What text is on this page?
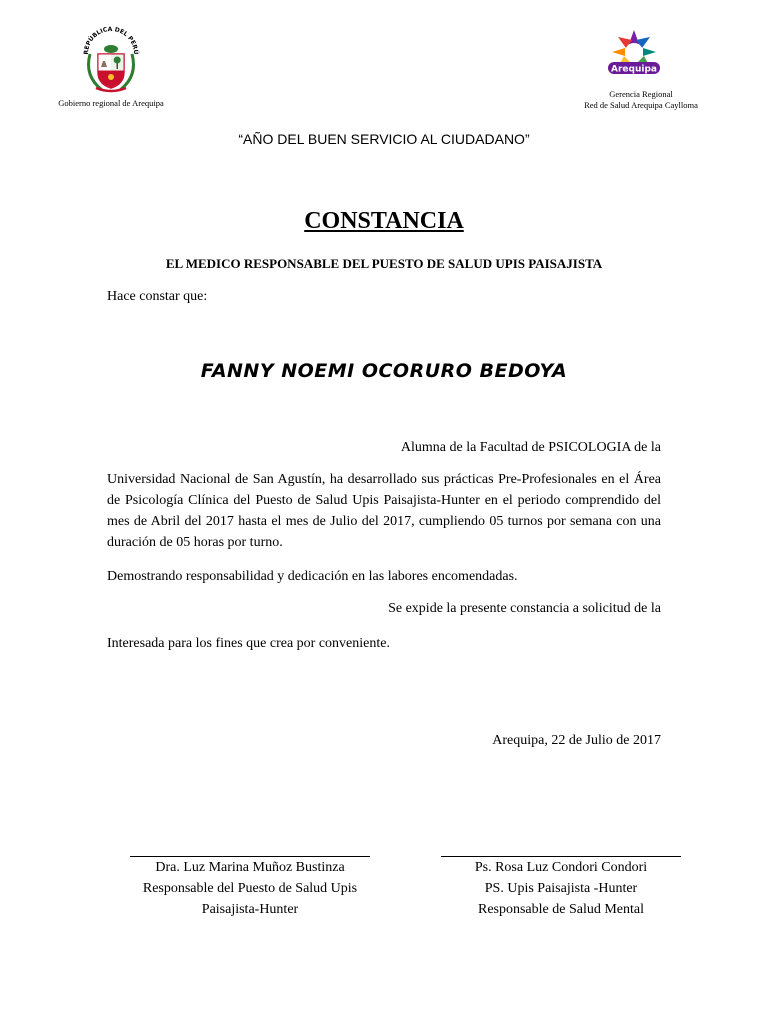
REPÚBLICA DEL PERÚ
Gobierno regional de Arequipa
Arequipa
Gerencia Regional
Red de Salud Arequipa Caylloma
“AÑO DEL BUEN SERVICIO AL CIUDADANO”
CONSTANCIA
EL MEDICO RESPONSABLE DEL PUESTO DE SALUD UPIS PAISAJISTA
Hace constar que:
FANNY NOEMI OCORURO BEDOYA
Alumna de la Facultad de PSICOLOGIA de la
Universidad Nacional de San Agustín, ha desarrollado sus prácticas Pre-Profesionales en el Área de Psicología Clínica del Puesto de Salud Upis Paisajista-Hunter en el periodo comprendido del mes de Abril del 2017 hasta el mes de Julio del 2017, cumpliendo 05 turnos por semana con una duración de 05 horas por turno.
Demostrando responsabilidad y dedicación en las labores encomendadas.
Se expide la presente constancia a solicitud de la
Interesada para los fines que crea por conveniente.
Arequipa, 22 de Julio de 2017
Dra. Luz Marina Muñoz Bustinza
Responsable del Puesto de Salud Upis
Paisajista-Hunter
Ps. Rosa Luz Condori Condori
PS. Upis Paisajista -Hunter
Responsable de Salud Mental
